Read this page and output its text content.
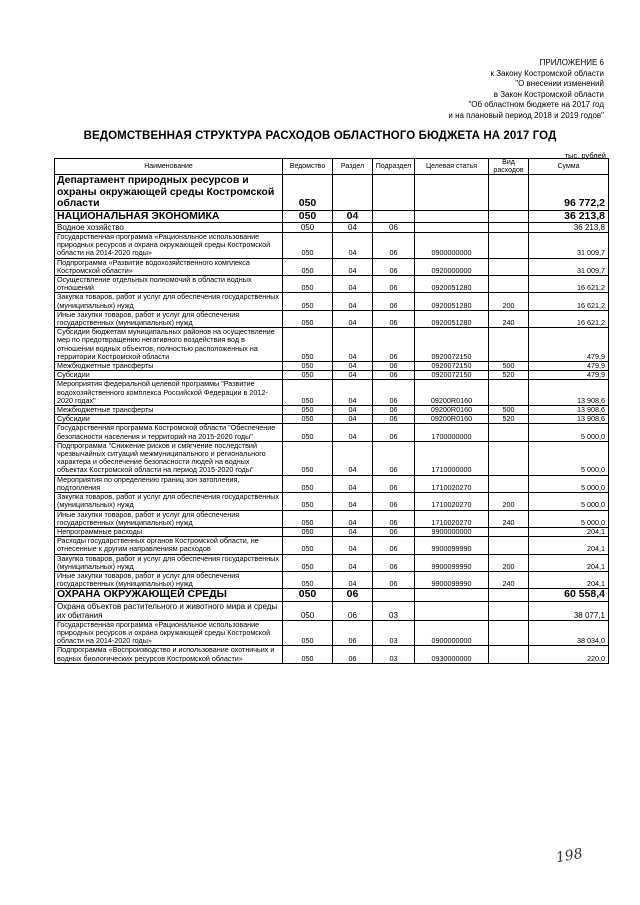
ПРИЛОЖЕНИЕ 6
к Закону Костромской области
"О внесении изменений
в Закон Костромской области
"Об областном бюджете на 2017 год
и на плановый период 2018 и 2019 годов"
ВЕДОМСТВЕННАЯ СТРУКТУРА РАСХОДОВ ОБЛАСТНОГО БЮДЖЕТА НА 2017 ГОД
тыс. рублей
Наименование	Ведомство	Раздел	Подраздел	Целевая статья	Вид расходов	Сумма
Департамент природных ресурсов и охраны окружающей среды Костромской области	050					96 772,2
НАЦИОНАЛЬНАЯ ЭКОНОМИКА	050	04				36 213,8
Водное хозяйство	050	04	06			36 213,8
Государственная программа «Рациональное использование природных ресурсов и охрана окружающей среды Костромской области на 2014-2020 годы»	050	04	06	0900000000		31 009,7
Подпрограмма «Развитие водохозяйственного комплекса Костромской области»	050	04	06	0920000000		31 009,7
Осуществление отдельных полномочий в области водных отношений	050	04	06	0920051280		16 621,2
Закупка товаров, работ и услуг для обеспечения государственных (муниципальных) нужд	050	04	06	0920051280	200	16 621,2
Иные закупки товаров, работ и услуг для обеспечения государственных (муниципальных) нужд	050	04	06	0920051280	240	16 621,2
Субсидии бюджетам муниципальных районов на осуществление мер по предотвращению негативного воздействия вод в отношении водных объектов, полностью расположенных на территории Костромской области	050	04	06	0920072150		479,9
Межбюджетные трансферты	050	04	06	0920072150	500	479,9
Субсидии	050	04	06	0920072150	520	479,9
Мероприятия федеральной целевой программы "Развитие водохозяйственного комплекса Российской Федерации в 2012-2020 годах"	050	04	06	09200R0160		13 908,6
Межбюджетные трансферты	050	04	06	09200R0160	500	13 908,6
Субсидии	050	04	06	09200R0160	520	13 908,6
Государственная программа Костромской области "Обеспечение безопасности населения и территорий на 2015-2020 годы"	050	04	06	1700000000		5 000,0
Подпрограмма "Снижение рисков и смягчение последствий чрезвычайных ситуаций межмуниципального и регионального характера и обеспечение безопасности людей на водных объектах Костромской области на период 2015-2020 годы"	050	04	06	1710000000		5 000,0
Мероприятия по определению границ зон затопления, подтопления	050	04	06	1710020270		5 000,0
Закупка товаров, работ и услуг для обеспечения государственных (муниципальных) нужд	050	04	06	1710020270	200	5 000,0
Иные закупки товаров, работ и услуг для обеспечения государственных (муниципальных) нужд	050	04	06	1710020270	240	5 000,0
Непрограммные расходы	050	04	06	9900000000		204,1
Расходы государственных органов Костромской области, не отнесенные к другим направлениям расходов	050	04	06	9900099990		204,1
Закупка товаров, работ и услуг для обеспечения государственных (муниципальных) нужд	050	04	06	9900099990	200	204,1
Иные закупки товаров, работ и услуг для обеспечения государственных (муниципальных) нужд	050	04	06	9900099990	240	204,1
ОХРАНА ОКРУЖАЮЩЕЙ СРЕДЫ	050	06				60 558,4
Охрана объектов растительного и животного мира и среды их обитания	050	06	03			38 077,1
Государственная программа «Рациональное использование природных ресурсов и охрана окружающей среды Костромской области на 2014-2020 годы»	050	06	03	0900000000		38 034,0
Подпрограмма «Воспроизводство и использование охотничьих и водных биологических ресурсов Костромской области»	050	06	03	0930000000		220,0
198
